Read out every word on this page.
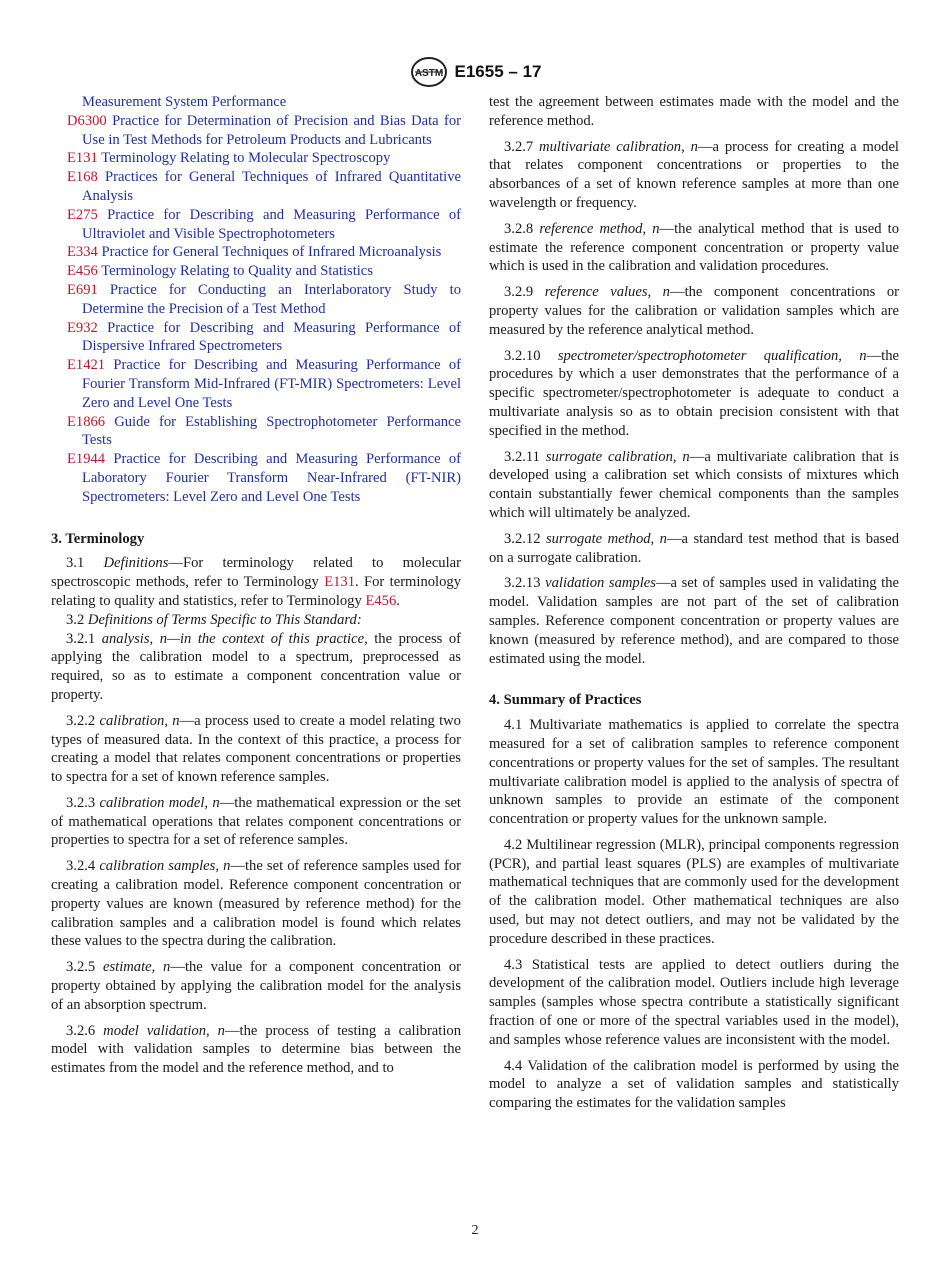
ASTM E1655 – 17

Measurement System Performance

D6300 Practice for Determination of Precision and Bias Data for Use in Test Methods for Petroleum Products and Lubricants

E131 Terminology Relating to Molecular Spectroscopy

E168 Practices for General Techniques of Infrared Quantitative Analysis

E275 Practice for Describing and Measuring Performance of Ultraviolet and Visible Spectrophotometers

E334 Practice for General Techniques of Infrared Microanalysis

E456 Terminology Relating to Quality and Statistics

E691 Practice for Conducting an Interlaboratory Study to Determine the Precision of a Test Method

E932 Practice for Describing and Measuring Performance of Dispersive Infrared Spectrometers

E1421 Practice for Describing and Measuring Performance of Fourier Transform Mid-Infrared (FT-MIR) Spectrometers: Level Zero and Level One Tests

E1866 Guide for Establishing Spectrophotometer Performance Tests

E1944 Practice for Describing and Measuring Performance of Laboratory Fourier Transform Near-Infrared (FT-NIR) Spectrometers: Level Zero and Level One Tests

3. Terminology

3.1 Definitions—For terminology related to molecular spectroscopic methods, refer to Terminology E131. For terminology relating to quality and statistics, refer to Terminology E456.

3.2 Definitions of Terms Specific to This Standard:

3.2.1 analysis, n—in the context of this practice, the process of applying the calibration model to a spectrum, preprocessed as required, so as to estimate a component concentration value or property.

3.2.2 calibration, n—a process used to create a model relating two types of measured data. In the context of this practice, a process for creating a model that relates component concentrations or properties to spectra for a set of known reference samples.

3.2.3 calibration model, n—the mathematical expression or the set of mathematical operations that relates component concentrations or properties to spectra for a set of reference samples.

3.2.4 calibration samples, n—the set of reference samples used for creating a calibration model. Reference component concentration or property values are known (measured by reference method) for the calibration samples and a calibration model is found which relates these values to the spectra during the calibration.

3.2.5 estimate, n—the value for a component concentration or property obtained by applying the calibration model for the analysis of an absorption spectrum.

3.2.6 model validation, n—the process of testing a calibration model with validation samples to determine bias between the estimates from the model and the reference method, and to

test the agreement between estimates made with the model and the reference method.

3.2.7 multivariate calibration, n—a process for creating a model that relates component concentrations or properties to the absorbances of a set of known reference samples at more than one wavelength or frequency.

3.2.8 reference method, n—the analytical method that is used to estimate the reference component concentration or property value which is used in the calibration and validation procedures.

3.2.9 reference values, n—the component concentrations or property values for the calibration or validation samples which are measured by the reference analytical method.

3.2.10 spectrometer/spectrophotometer qualification, n—the procedures by which a user demonstrates that the performance of a specific spectrometer/spectrophotometer is adequate to conduct a multivariate analysis so as to obtain precision consistent with that specified in the method.

3.2.11 surrogate calibration, n—a multivariate calibration that is developed using a calibration set which consists of mixtures which contain substantially fewer chemical components than the samples which will ultimately be analyzed.

3.2.12 surrogate method, n—a standard test method that is based on a surrogate calibration.

3.2.13 validation samples—a set of samples used in validating the model. Validation samples are not part of the set of calibration samples. Reference component concentration or property values are known (measured by reference method), and are compared to those estimated using the model.

4. Summary of Practices

4.1 Multivariate mathematics is applied to correlate the spectra measured for a set of calibration samples to reference component concentrations or property values for the set of samples. The resultant multivariate calibration model is applied to the analysis of spectra of unknown samples to provide an estimate of the component concentration or property values for the unknown sample.

4.2 Multilinear regression (MLR), principal components regression (PCR), and partial least squares (PLS) are examples of multivariate mathematical techniques that are commonly used for the development of the calibration model. Other mathematical techniques are also used, but may not detect outliers, and may not be validated by the procedure described in these practices.

4.3 Statistical tests are applied to detect outliers during the development of the calibration model. Outliers include high leverage samples (samples whose spectra contribute a statistically significant fraction of one or more of the spectral variables used in the model), and samples whose reference values are inconsistent with the model.

4.4 Validation of the calibration model is performed by using the model to analyze a set of validation samples and statistically comparing the estimates for the validation samples

2
